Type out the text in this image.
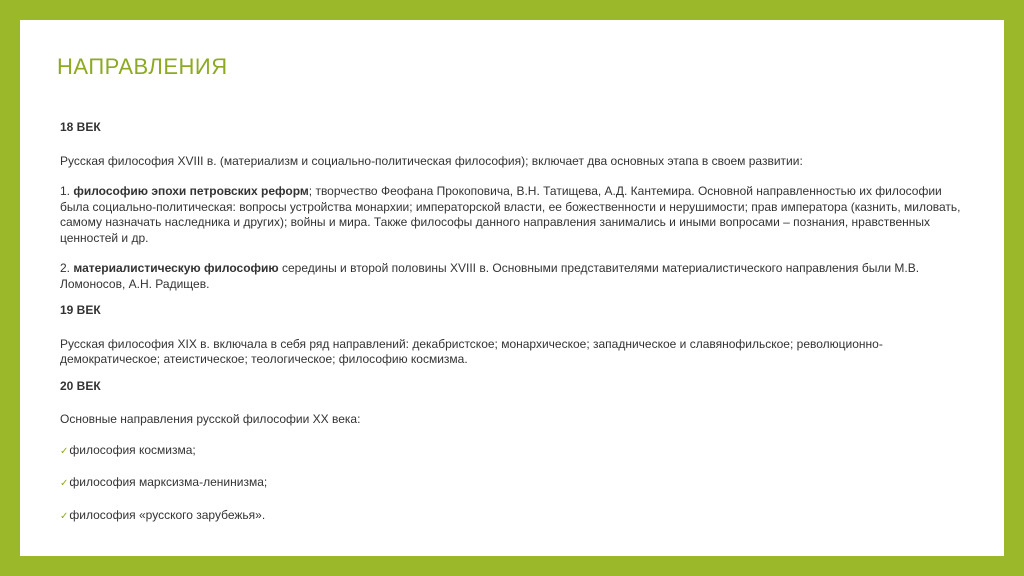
НАПРАВЛЕНИЯ

18 ВЕК

Русская философия XVIII в. (материализм и социально-политическая философия); включает два основных этапа в своем развитии:

1. философию эпохи петровских реформ; творчество Феофана Прокоповича, В.Н. Татищева, А.Д. Кантемира. Основной направленностью их философии была социально-политическая: вопросы устройства монархии; императорской власти, ее божественности и нерушимости; прав императора (казнить, миловать, самому назначать наследника и других); войны и мира. Также философы данного направления занимались и иными вопросами – познания, нравственных ценностей и др.

2. материалистическую философию середины и второй половины XVIII в. Основными представителями материалистического направления были М.В. Ломоносов, А.Н. Радищев.

19 ВЕК

Русская философия XIX в. включала в себя ряд направлений: декабристское; монархическое; западническое и славянофильское; революционно-демократическое; атеистическое; теологическое; философию космизма.

20 ВЕК

Основные направления русской философии XX века:

✓философия космизма;

✓философия марксизма-ленинизма;

✓философия «русского зарубежья».
